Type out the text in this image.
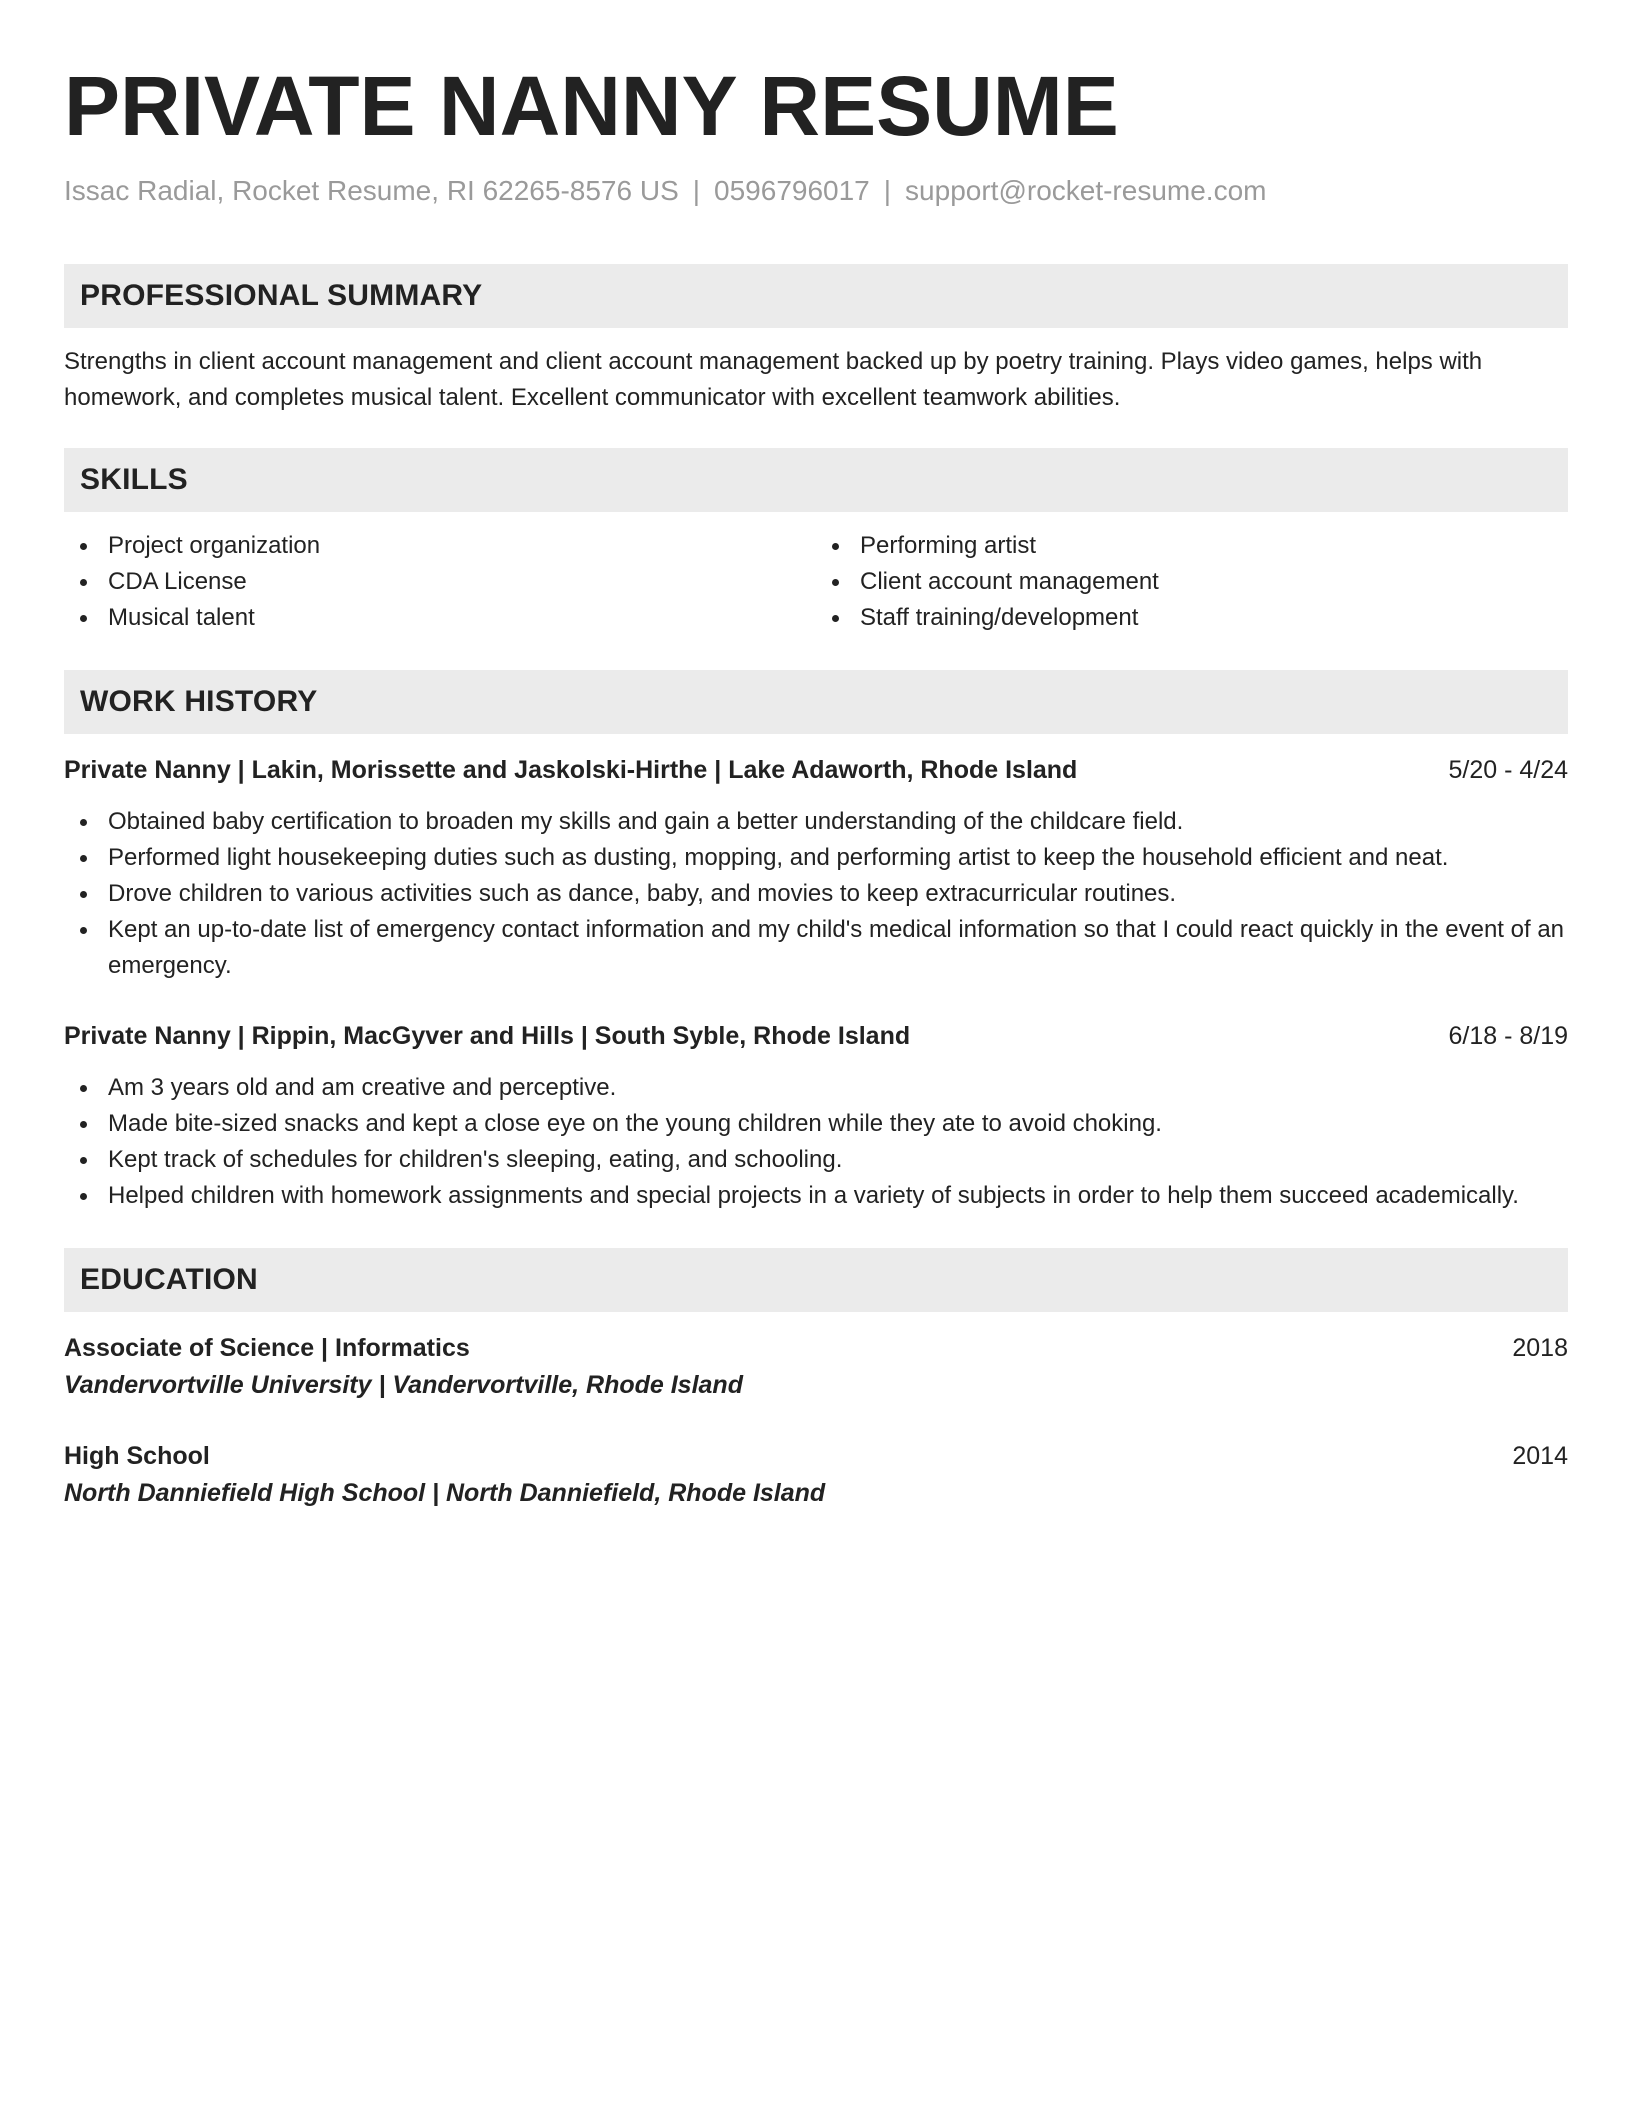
PRIVATE NANNY RESUME
Issac Radial, Rocket Resume, RI 62265-8576 US | 0596796017 | support@rocket-resume.com
PROFESSIONAL SUMMARY
Strengths in client account management and client account management backed up by poetry training. Plays video games, helps with homework, and completes musical talent. Excellent communicator with excellent teamwork abilities.
SKILLS
Project organization
CDA License
Musical talent
Performing artist
Client account management
Staff training/development
WORK HISTORY
Private Nanny | Lakin, Morissette and Jaskolski-Hirthe | Lake Adaworth, Rhode Island	5/20 - 4/24
Obtained baby certification to broaden my skills and gain a better understanding of the childcare field.
Performed light housekeeping duties such as dusting, mopping, and performing artist to keep the household efficient and neat.
Drove children to various activities such as dance, baby, and movies to keep extracurricular routines.
Kept an up-to-date list of emergency contact information and my child's medical information so that I could react quickly in the event of an emergency.
Private Nanny | Rippin, MacGyver and Hills | South Syble, Rhode Island	6/18 - 8/19
Am 3 years old and am creative and perceptive.
Made bite-sized snacks and kept a close eye on the young children while they ate to avoid choking.
Kept track of schedules for children's sleeping, eating, and schooling.
Helped children with homework assignments and special projects in a variety of subjects in order to help them succeed academically.
EDUCATION
Associate of Science | Informatics	2018
Vandervortville University | Vandervortville, Rhode Island
High School	2014
North Danniefield High School | North Danniefield, Rhode Island
